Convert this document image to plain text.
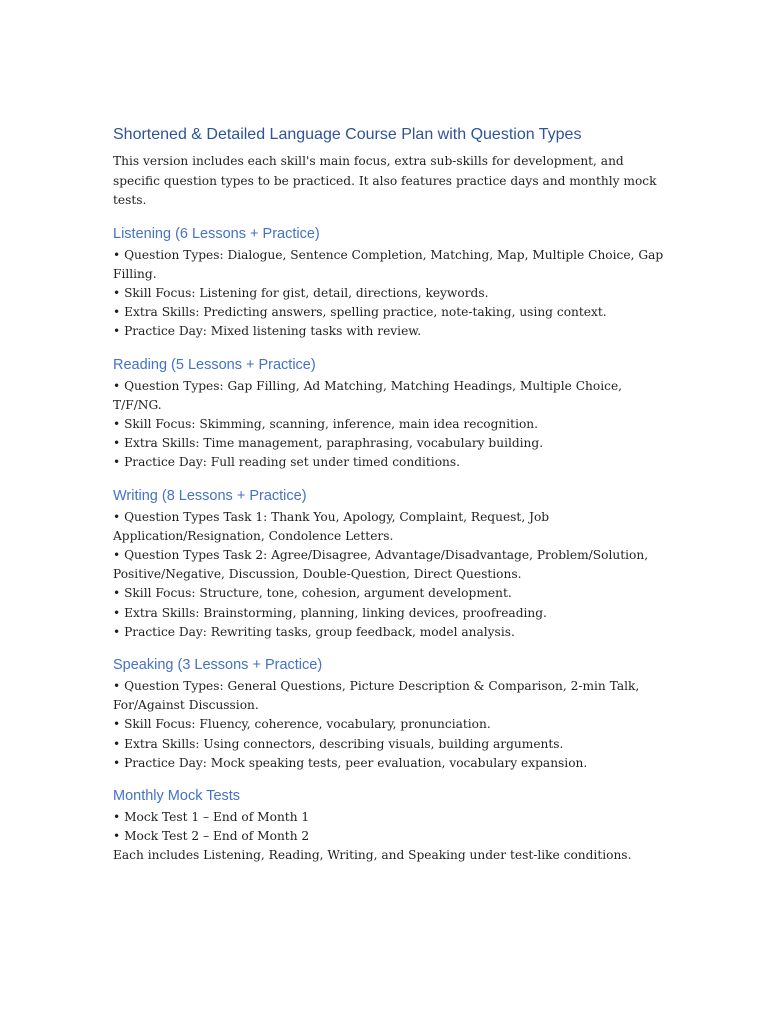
Shortened & Detailed Language Course Plan with Question Types

This version includes each skill's main focus, extra sub-skills for development, and specific question types to be practiced. It also features practice days and monthly mock tests.

Listening (6 Lessons + Practice)

• Question Types: Dialogue, Sentence Completion, Matching, Map, Multiple Choice, Gap Filling.

• Skill Focus: Listening for gist, detail, directions, keywords.

• Extra Skills: Predicting answers, spelling practice, note-taking, using context.

• Practice Day: Mixed listening tasks with review.

Reading (5 Lessons + Practice)

• Question Types: Gap Filling, Ad Matching, Matching Headings, Multiple Choice, T/F/NG.

• Skill Focus: Skimming, scanning, inference, main idea recognition.

• Extra Skills: Time management, paraphrasing, vocabulary building.

• Practice Day: Full reading set under timed conditions.

Writing (8 Lessons + Practice)

• Question Types Task 1: Thank You, Apology, Complaint, Request, Job Application/Resignation, Condolence Letters.

• Question Types Task 2: Agree/Disagree, Advantage/Disadvantage, Problem/Solution, Positive/Negative, Discussion, Double-Question, Direct Questions.

• Skill Focus: Structure, tone, cohesion, argument development.

• Extra Skills: Brainstorming, planning, linking devices, proofreading.

• Practice Day: Rewriting tasks, group feedback, model analysis.

Speaking (3 Lessons + Practice)

• Question Types: General Questions, Picture Description & Comparison, 2-min Talk, For/Against Discussion.

• Skill Focus: Fluency, coherence, vocabulary, pronunciation.

• Extra Skills: Using connectors, describing visuals, building arguments.

• Practice Day: Mock speaking tests, peer evaluation, vocabulary expansion.

Monthly Mock Tests

• Mock Test 1 – End of Month 1

• Mock Test 2 – End of Month 2

Each includes Listening, Reading, Writing, and Speaking under test-like conditions.
